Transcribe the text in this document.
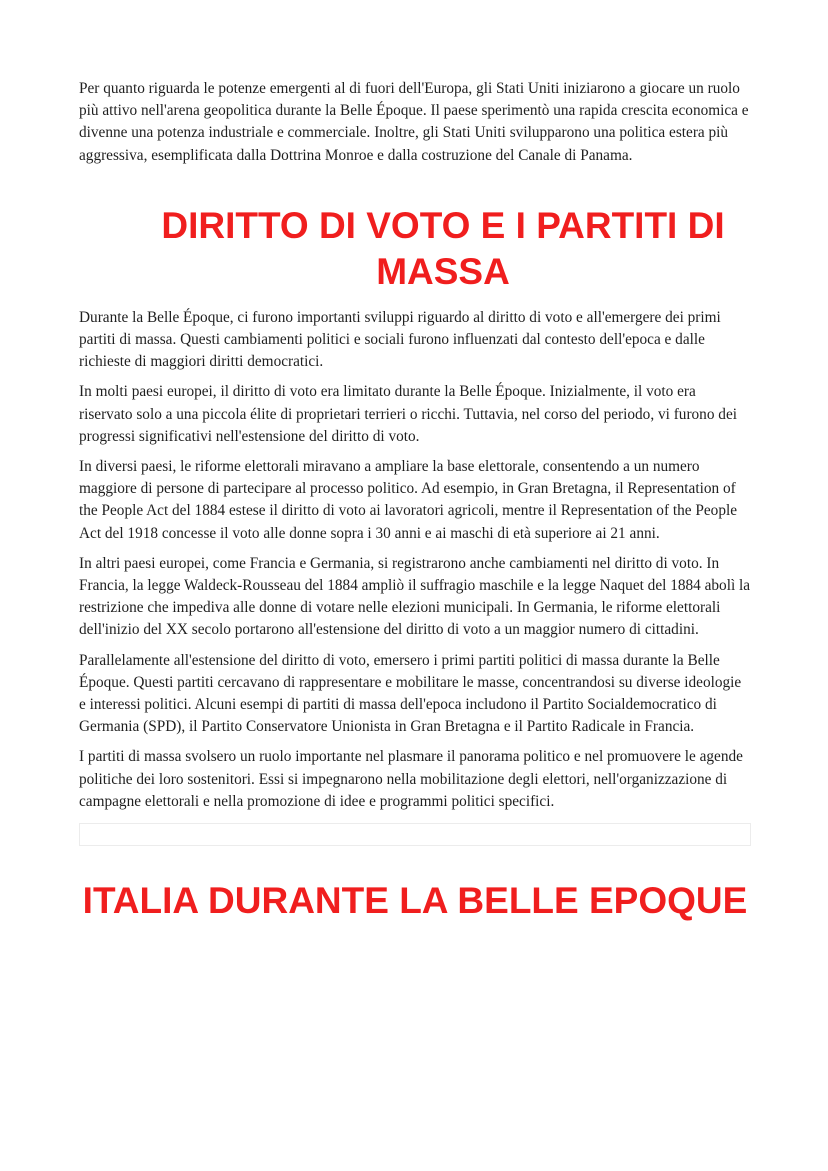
Per quanto riguarda le potenze emergenti al di fuori dell'Europa, gli Stati Uniti iniziarono a giocare un ruolo più attivo nell'arena geopolitica durante la Belle Époque. Il paese sperimentò una rapida crescita economica e divenne una potenza industriale e commerciale. Inoltre, gli Stati Uniti svilupparono una politica estera più aggressiva, esemplificata dalla Dottrina Monroe e dalla costruzione del Canale di Panama.

DIRITTO DI VOTO E I PARTITI DI MASSA

Durante la Belle Époque, ci furono importanti sviluppi riguardo al diritto di voto e all'emergere dei primi partiti di massa. Questi cambiamenti politici e sociali furono influenzati dal contesto dell'epoca e dalle richieste di maggiori diritti democratici.

In molti paesi europei, il diritto di voto era limitato durante la Belle Époque. Inizialmente, il voto era riservato solo a una piccola élite di proprietari terrieri o ricchi. Tuttavia, nel corso del periodo, vi furono dei progressi significativi nell'estensione del diritto di voto.

In diversi paesi, le riforme elettorali miravano a ampliare la base elettorale, consentendo a un numero maggiore di persone di partecipare al processo politico. Ad esempio, in Gran Bretagna, il Representation of the People Act del 1884 estese il diritto di voto ai lavoratori agricoli, mentre il Representation of the People Act del 1918 concesse il voto alle donne sopra i 30 anni e ai maschi di età superiore ai 21 anni.

In altri paesi europei, come Francia e Germania, si registrarono anche cambiamenti nel diritto di voto. In Francia, la legge Waldeck-Rousseau del 1884 ampliò il suffragio maschile e la legge Naquet del 1884 abolì la restrizione che impediva alle donne di votare nelle elezioni municipali. In Germania, le riforme elettorali dell'inizio del XX secolo portarono all'estensione del diritto di voto a un maggior numero di cittadini.

Parallelamente all'estensione del diritto di voto, emersero i primi partiti politici di massa durante la Belle Époque. Questi partiti cercavano di rappresentare e mobilitare le masse, concentrandosi su diverse ideologie e interessi politici. Alcuni esempi di partiti di massa dell'epoca includono il Partito Socialdemocratico di Germania (SPD), il Partito Conservatore Unionista in Gran Bretagna e il Partito Radicale in Francia.

I partiti di massa svolsero un ruolo importante nel plasmare il panorama politico e nel promuovere le agende politiche dei loro sostenitori. Essi si impegnarono nella mobilitazione degli elettori, nell'organizzazione di campagne elettorali e nella promozione di idee e programmi politici specifici.

ITALIA DURANTE LA BELLE EPOQUE
